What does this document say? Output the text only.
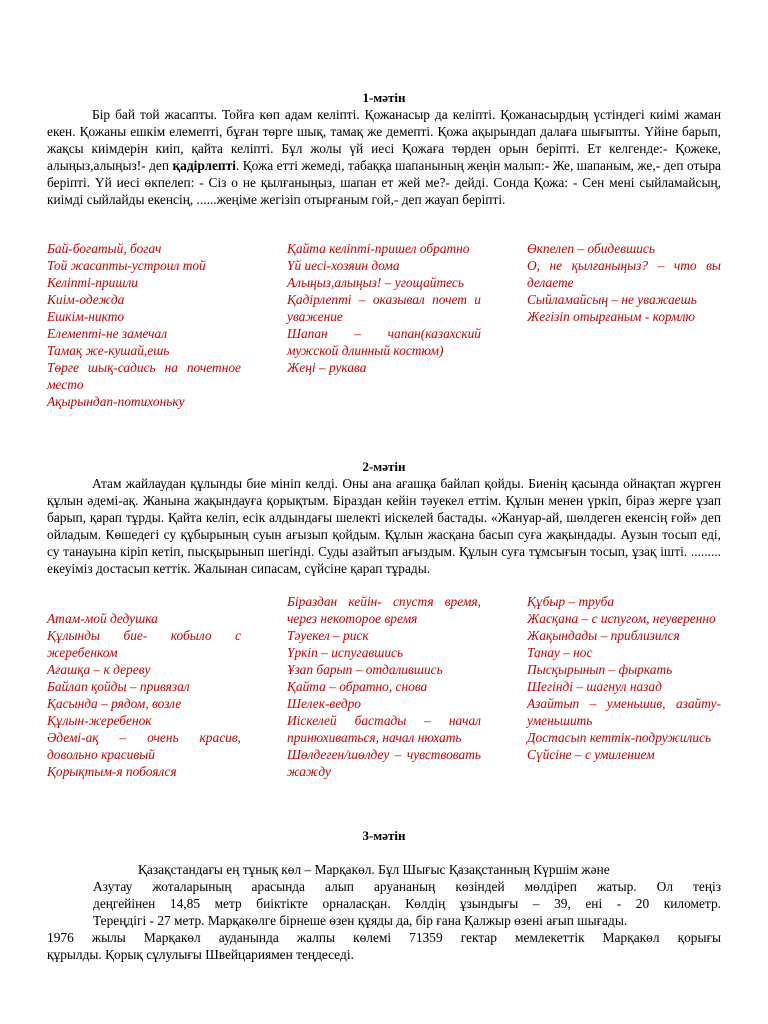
1-мәтін
Бір бай той жасапты. Тойға көп адам келіпті. Қожанасыр да келіпті. Қожанасырдың үстіндегі киімі жаман екен. Қожаны ешкім елемепті, бұған төрге шық, тамақ же демепті. Қожа ақырындап далаға шығыпты. Үйіне барып, жақсы киімдерін киіп, қайта келіпті. Бұл жолы үй иесі Қожаға төрден орын беріпті. Ет келгенде:- Қожеке, алыңыз,алыңыз!- деп қадірлепті. Қожа етті жемеді, табаққа шапанының жеңін малып:- Же, шапаным, же,- деп отыра беріпті. Үй иесі өкпелеп: - Сіз о не қылғаныңыз, шапан ет жей ме?- дейді. Сонда Қожа: - Сен мені сыйламайсың, киімді сыйлайды екенсің, ......жеңіме жегізіп отырғаным гой,- деп жауап беріпті.
Бай-богатый, богач
Той жасапты-устроил той
Келіпті-пришли
Киім-одежда
Ешкім-никто
Елемепті-не замечал
Тамақ же-кушай,ешь
Төрге шық-садись на почетное место
Ақырындап-потихоньку
Қайта келіпті-пришел обратно
Үй иесі-хозяин дома
Алыңыз,алыңыз! – угощайтесь
Қадірлепті – оказывал почет и уважение
Шапан – чапан(казахский мужской длинный костюм)
Жеңі – рукава
Өкпелеп – обидевшись
О, не қылғаныңыз? – что вы делаете
Сыйламайсың – не уважаешь
Жегізіп отырғаным - кормлю
2-мәтін
Атам жайлаудан құлынды бие мініп келді. Оны ана ағашқа байлап қойды. Биенің қасында ойнақтап жүрген құлын әдемі-ақ. Жанына жақындауға қорықтым. Біраздан кейін тәуекел еттім. Құлын менен үркіп, біраз жерге ұзап барып, қарап тұрды. Қайта келіп, есік алдындағы шелекті иіскелей бастады. «Жануар-ай, шөлдеген екенсің ғой» деп ойладым. Көшедегі су құбырының суын ағызып қойдым. Құлын жасқана басып суға жақындады. Аузын тосып еді, су танауына кіріп кетіп, пысқырынып шегінді. Суды азайтып ағыздым. Құлын суға тұмсығын тосып, ұзақ ішті. ......... екеуіміз достасып кеттік. Жалынан сипасам, сүйсіне қарап тұрады.
Атам-мой дедушка
Құлынды бие- кобыло с жеребенком
Ағашқа – к дереву
Байлап қойды – привязал
Қасында – рядом, возле
Құлын-жеребенок
Әдемі-ақ – очень красив, довольно красивый
Қорықтым-я побоялся
Біраздан кейін- спустя время, через некоторое время
Тәуекел – риск
Үркіп – испугавшись
Ұзап барып – отдалившись
Қайта – обратно, снова
Шелек-ведро
Иіскелей бастады – начал принюхиваться, начал нюхать
Шөлдеген/шөлдеу – чувствовать жажду
Құбыр – труба
Жасқана – с испугом, неуверенно
Жақындады – приблизился
Танау – нос
Пысқырынып – фыркать
Шегінді – шагнул назад
Азайтып – уменьшив, азайту-уменьшить
Достасып кеттік-подружились
Сүйсіне – с умилением
3-мәтін
Қазақстандағы ең тұнық көл – Марқакөл. Бұл Шығыс Қазақстанның Күршім және
Азутау жоталарының арасында алып аруананың көзіндей мөлдіреп жатыр. Ол теңіз
деңгейінен 14,85 метр биіктікте орналасқан. Көлдің ұзындығы – 39, ені - 20 километр.
Тереңдігі - 27 метр. Марқакөлге бірнеше өзен құяды да, бір ғана Қалжыр өзені ағып шығады.
1976 жылы Марқакөл ауданында жалпы көлемі 71359 гектар мемлекеттік Марқакөл қорығы
құрылды. Қорық сұлулығы Швейцариямен теңдеседі.
